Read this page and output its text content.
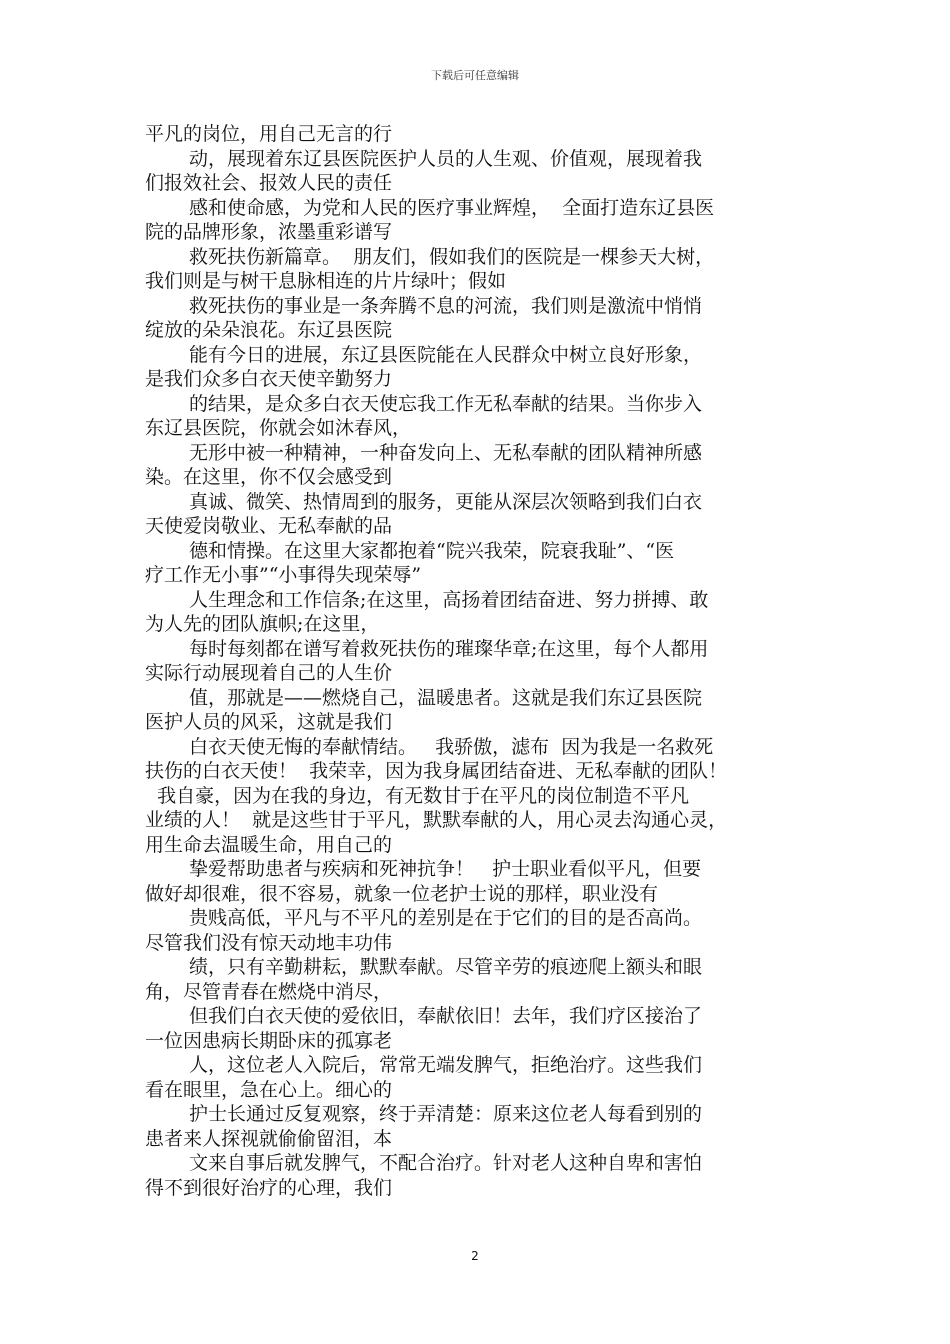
下载后可任意编辑
平凡的岗位，用自己无言的行
动，展现着东辽县医院医护人员的人生观、价值观，展现着我
们报效社会、报效人民的责任
感和使命感，为党和人民的医疗事业辉煌，  全面打造东辽县医
院的品牌形象，浓墨重彩谱写
救死扶伤新篇章。  朋友们，假如我们的医院是一棵参天大树，
我们则是与树干息脉相连的片片绿叶；假如
救死扶伤的事业是一条奔腾不息的河流，我们则是激流中悄悄
绽放的朵朵浪花。东辽县医院
能有今日的进展，东辽县医院能在人民群众中树立良好形象，
是我们众多白衣天使辛勤努力
的结果，是众多白衣天使忘我工作无私奉献的结果。当你步入
东辽县医院，你就会如沐春风，
无形中被一种精神，一种奋发向上、无私奉献的团队精神所感
染。在这里，你不仅会感受到
真诚、微笑、热情周到的服务，更能从深层次领略到我们白衣
天使爱岗敬业、无私奉献的品
德和情操。在这里大家都抱着“院兴我荣，院衰我耻”、“医
疗工作无小事”“小事得失现荣辱”
人生理念和工作信条;在这里，高扬着团结奋进、努力拼搏、敢
为人先的团队旗帜;在这里，
每时每刻都在谱写着救死扶伤的璀璨华章;在这里，每个人都用
实际行动展现着自己的人生价
值，那就是——燃烧自己，温暖患者。这就是我们东辽县医院
医护人员的风采，这就是我们
白衣天使无悔的奉献情结。   我骄傲，滤布  因为我是一名救死
扶伤的白衣天使！  我荣幸，因为我身属团结奋进、无私奉献的团队！
我自豪，因为在我的身边，有无数甘于在平凡的岗位制造不平凡
业绩的人！  就是这些甘于平凡，默默奉献的人，用心灵去沟通心灵，
用生命去温暖生命，用自己的
挚爱帮助患者与疾病和死神抗争！   护士职业看似平凡，但要
做好却很难，很不容易，就象一位老护士说的那样，职业没有
贵贱高低，平凡与不平凡的差别是在于它们的目的是否高尚。
尽管我们没有惊天动地丰功伟
绩，只有辛勤耕耘，默默奉献。尽管辛劳的痕迹爬上额头和眼
角，尽管青春在燃烧中消尽，
但我们白衣天使的爱依旧，奉献依旧！去年，我们疗区接治了
一位因患病长期卧床的孤寡老
人，这位老人入院后，常常无端发脾气，拒绝治疗。这些我们
看在眼里，急在心上。细心的
护士长通过反复观察，终于弄清楚：原来这位老人每看到别的
患者来人探视就偷偷留泪，本
文来自事后就发脾气，不配合治疗。针对老人这种自卑和害怕
得不到很好治疗的心理，我们
2
